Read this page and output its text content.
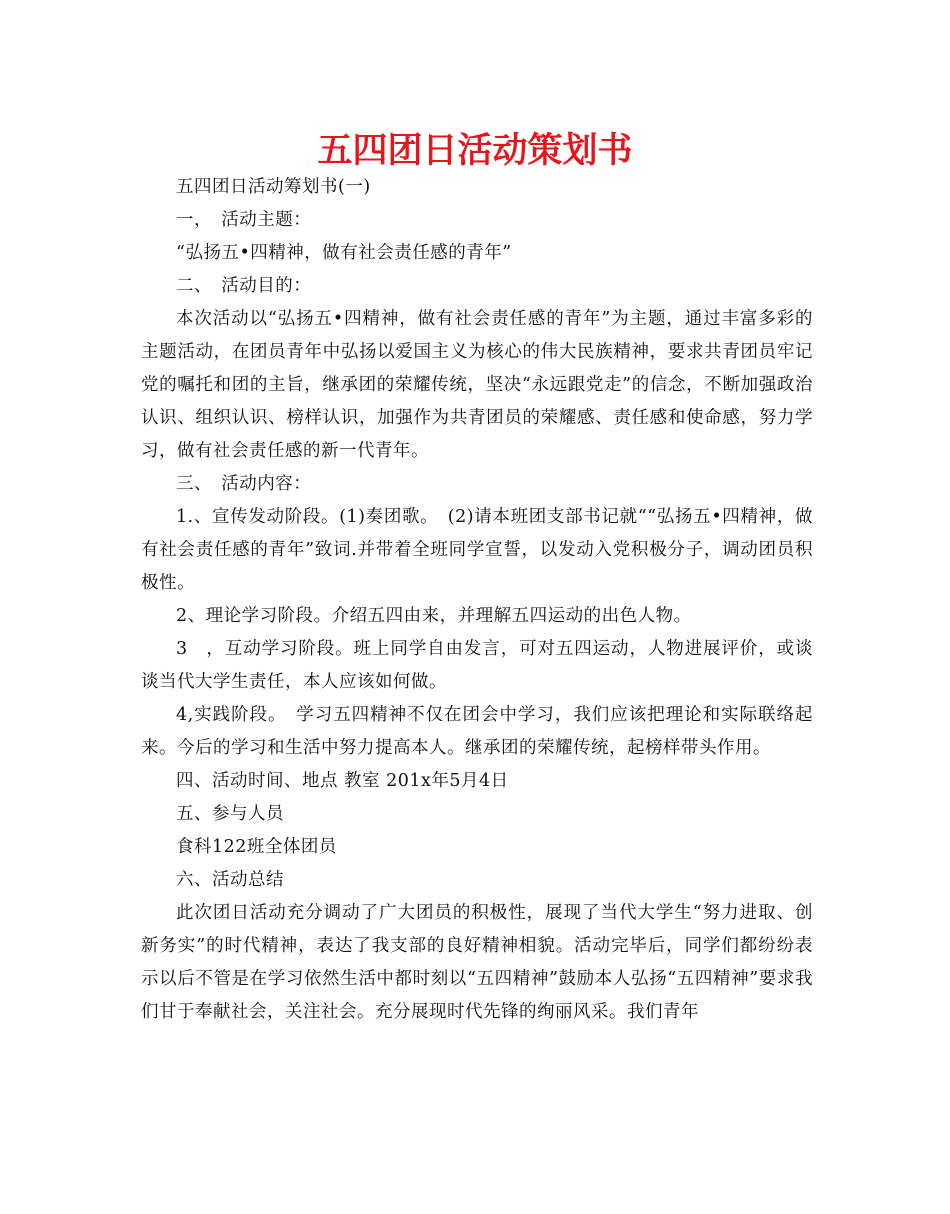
五四团日活动策划书

五四团日活动筹划书(一)

一，　活动主题：

“弘扬五•四精神，做有社会责任感的青年”

二、　活动目的：

本次活动以“弘扬五•四精神，做有社会责任感的青年”为主题，通过丰富多彩的主题活动，在团员青年中弘扬以爱国主义为核心的伟大民族精神，要求共青团员牢记党的嘱托和团的主旨，继承团的荣耀传统，坚决“永远跟党走”的信念，不断加强政治认识、组织认识、榜样认识，加强作为共青团员的荣耀感、责任感和使命感，努力学习，做有社会责任感的新一代青年。

三、　活动内容：

1.、宣传发动阶段。(1)奏团歌。　(2)请本班团支部书记就““弘扬五•四精神，做有社会责任感的青年”致词.并带着全班同学宣誓，以发动入党积极分子，调动团员积极性。

2、理论学习阶段。介绍五四由来，并理解五四运动的出色人物。

3　，互动学习阶段。班上同学自由发言，可对五四运动，人物进展评价，或谈谈当代大学生责任，本人应该如何做。

4,实践阶段。　学习五四精神不仅在团会中学习，我们应该把理论和实际联络起来。今后的学习和生活中努力提高本人。继承团的荣耀传统，起榜样带头作用。

四、活动时间、地点 教室 201x年5月4日

五、参与人员

食科122班全体团员

六、活动总结

此次团日活动充分调动了广大团员的积极性，展现了当代大学生“努力进取、创新务实”的时代精神，表达了我支部的良好精神相貌。活动完毕后，同学们都纷纷表示以后不管是在学习依然生活中都时刻以“五四精神”鼓励本人弘扬“五四精神”要求我们甘于奉献社会，关注社会。充分展现时代先锋的绚丽风采。我们青年
